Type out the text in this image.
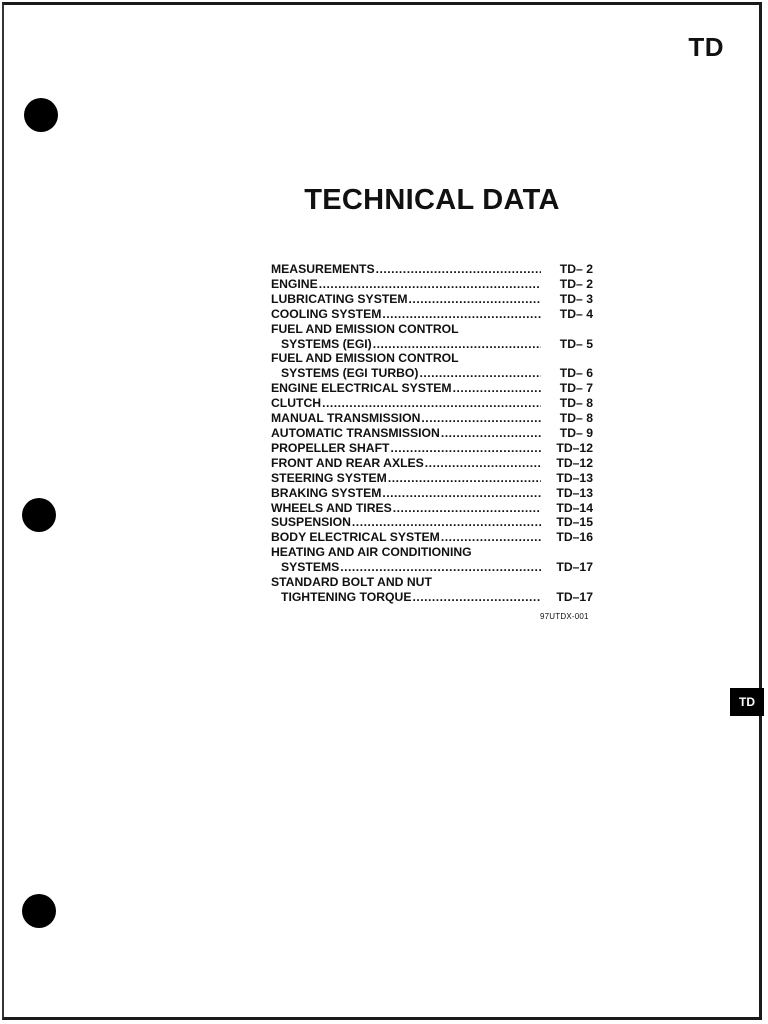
TD
TECHNICAL DATA
MEASUREMENTS .....	TD– 2
ENGINE .....	TD– 2
LUBRICATING SYSTEM .....	TD– 3
COOLING SYSTEM .....	TD– 4
FUEL AND EMISSION CONTROL
SYSTEMS (EGI) .....	TD– 5
FUEL AND EMISSION CONTROL
SYSTEMS (EGI TURBO) .....	TD– 6
ENGINE ELECTRICAL SYSTEM .....	TD– 7
CLUTCH .....	TD– 8
MANUAL TRANSMISSION .....	TD– 8
AUTOMATIC TRANSMISSION .....	TD– 9
PROPELLER SHAFT .....	TD–12
FRONT AND REAR AXLES .....	TD–12
STEERING SYSTEM .....	TD–13
BRAKING SYSTEM .....	TD–13
WHEELS AND TIRES .....	TD–14
SUSPENSION .....	TD–15
BODY ELECTRICAL SYSTEM .....	TD–16
HEATING AND AIR CONDITIONING
SYSTEMS .....	TD–17
STANDARD BOLT AND NUT
TIGHTENING TORQUE .....	TD–17
97UTDX-001
TD
